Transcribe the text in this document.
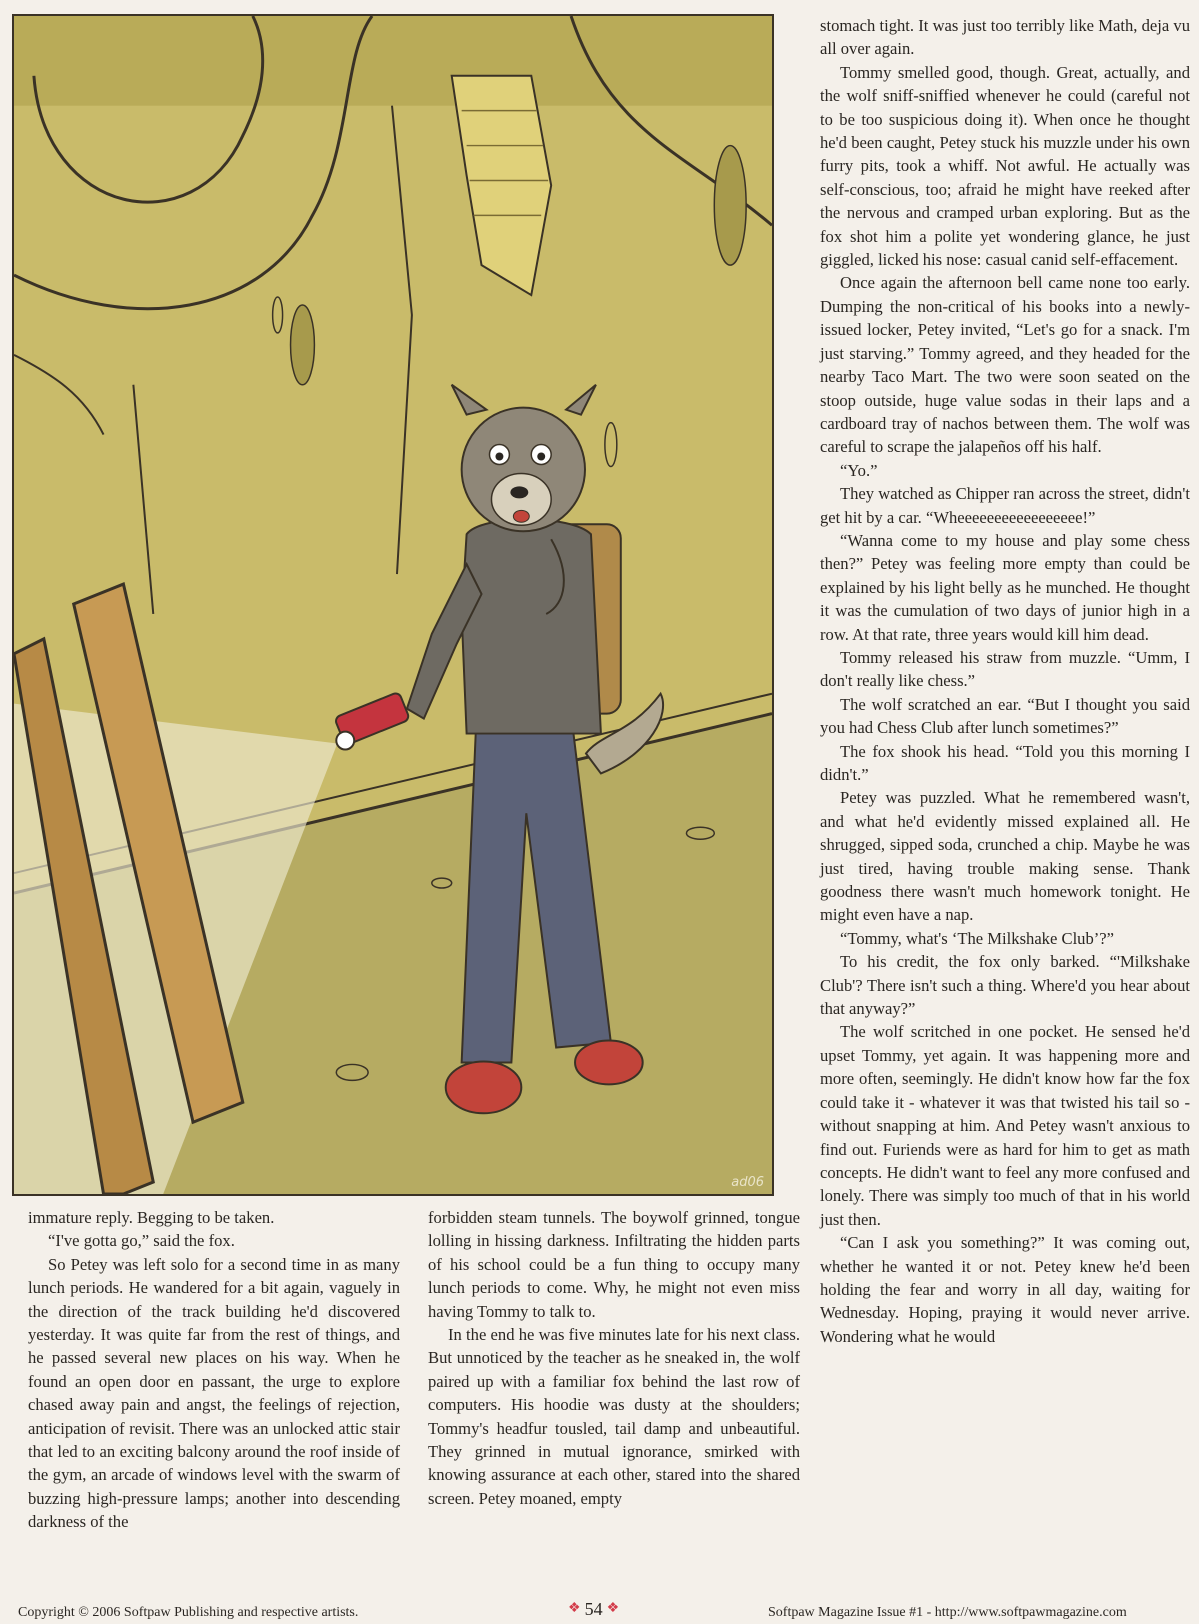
ad06

stomach tight. It was just too terribly like Math, deja vu all over again.

Tommy smelled good, though. Great, actually, and the wolf sniff-sniffied whenever he could (careful not to be too suspicious doing it). When once he thought he'd been caught, Petey stuck his muzzle under his own furry pits, took a whiff. Not awful. He actually was self-conscious, too; afraid he might have reeked after the nervous and cramped urban exploring. But as the fox shot him a polite yet wondering glance, he just giggled, licked his nose: casual canid self-effacement.

Once again the afternoon bell came none too early. Dumping the non-critical of his books into a newly-issued locker, Petey invited, “Let's go for a snack. I'm just starving.” Tommy agreed, and they headed for the nearby Taco Mart. The two were soon seated on the stoop outside, huge value sodas in their laps and a cardboard tray of nachos between them. The wolf was careful to scrape the jalapeños off his half.

“Yo.”

They watched as Chipper ran across the street, didn't get hit by a car. “Wheeeeeeeeeeeeeeeee!”

“Wanna come to my house and play some chess then?” Petey was feeling more empty than could be explained by his light belly as he munched. He thought it was the cumulation of two days of junior high in a row. At that rate, three years would kill him dead.

Tommy released his straw from muzzle. “Umm, I don't really like chess.”

The wolf scratched an ear. “But I thought you said you had Chess Club after lunch sometimes?”

The fox shook his head. “Told you this morning I didn't.”

Petey was puzzled. What he remembered wasn't, and what he'd evidently missed explained all. He shrugged, sipped soda, crunched a chip. Maybe he was just tired, having trouble making sense. Thank goodness there wasn't much homework tonight. He might even have a nap.

“Tommy, what's ‘The Milkshake Club’?”

To his credit, the fox only barked. “'Milkshake Club'? There isn't such a thing. Where'd you hear about that anyway?”

The wolf scritched in one pocket. He sensed he'd upset Tommy, yet again. It was happening more and more often, seemingly. He didn't know how far the fox could take it - whatever it was that twisted his tail so - without snapping at him. And Petey wasn't anxious to find out. Furiends were as hard for him to get as math concepts. He didn't want to feel any more confused and lonely. There was simply too much of that in his world just then.

“Can I ask you something?” It was coming out, whether he wanted it or not. Petey knew he'd been holding the fear and worry in all day, waiting for Wednesday. Hoping, praying it would never arrive. Wondering what he would

immature reply. Begging to be taken.

“I've gotta go,” said the fox.

So Petey was left solo for a second time in as many lunch periods. He wandered for a bit again, vaguely in the direction of the track building he'd discovered yesterday. It was quite far from the rest of things, and he passed several new places on his way. When he found an open door en passant, the urge to explore chased away pain and angst, the feelings of rejection, anticipation of revisit. There was an unlocked attic stair that led to an exciting balcony around the roof inside of the gym, an arcade of windows level with the swarm of buzzing high-pressure lamps; another into descending darkness of the

forbidden steam tunnels. The boywolf grinned, tongue lolling in hissing darkness. Infiltrating the hidden parts of his school could be a fun thing to occupy many lunch periods to come. Why, he might not even miss having Tommy to talk to.

In the end he was five minutes late for his next class. But unnoticed by the teacher as he sneaked in, the wolf paired up with a familiar fox behind the last row of computers. His hoodie was dusty at the shoulders; Tommy's headfur tousled, tail damp and unbeautiful. They grinned in mutual ignorance, smirked with knowing assurance at each other, stared into the shared screen. Petey moaned, empty

Copyright © 2006 Softpaw Publishing and respective artists.	❖ 54 ❖	Softpaw Magazine Issue #1 - http://www.softpawmagazine.com
